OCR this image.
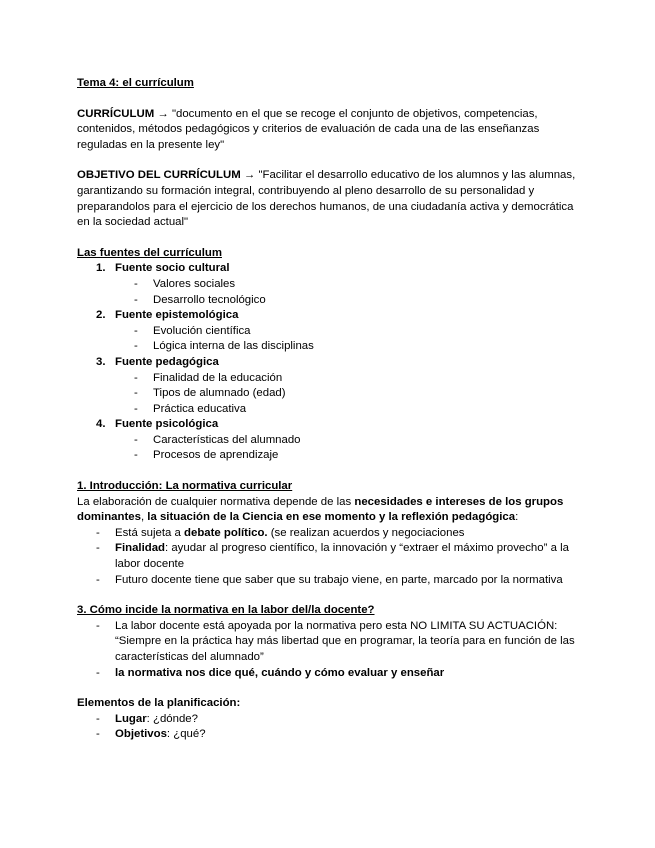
Tema 4: el currículum

CURRÍCULUM → "documento en el que se recoge el conjunto de objetivos, competencias, contenidos, métodos pedagógicos y criterios de evaluación de cada una de las enseñanzas reguladas en la presente ley"

OBJETIVO DEL CURRÍCULUM → "Facilitar el desarrollo educativo de los alumnos y las alumnas, garantizando su formación integral, contribuyendo al pleno desarrollo de su personalidad y preparandolos para el ejercicio de los derechos humanos, de una ciudadanía activa y democrática en la sociedad actual"

Las fuentes del currículum

1. Fuente socio cultural
- Valores sociales
- Desarrollo tecnológico
2. Fuente epistemológica
- Evolución científica
- Lógica interna de las disciplinas
3. Fuente pedagógica
- Finalidad de la educación
- Tipos de alumnado (edad)
- Práctica educativa
4. Fuente psicológica
- Características del alumnado
- Procesos de aprendizaje

1. Introducción: La normativa curricular

La elaboración de cualquier normativa depende de las necesidades e intereses de los grupos dominantes, la situación de la Ciencia en ese momento y la reflexión pedagógica:

- Está sujeta a debate político. (se realizan acuerdos y negociaciones
- Finalidad: ayudar al progreso científico, la innovación y “extraer el máximo provecho” a la labor docente
- Futuro docente tiene que saber que su trabajo viene, en parte, marcado por la normativa

3. Cómo incide la normativa en la labor del/la docente?

- La labor docente está apoyada por la normativa pero esta NO LIMITA SU ACTUACIÓN: “Siempre en la práctica hay más libertad que en programar, la teoría para en función de las características del alumnado”
- la normativa nos dice qué, cuándo y cómo evaluar y enseñar

Elementos de la planificación:

- Lugar: ¿dónde?
- Objetivos: ¿qué?
